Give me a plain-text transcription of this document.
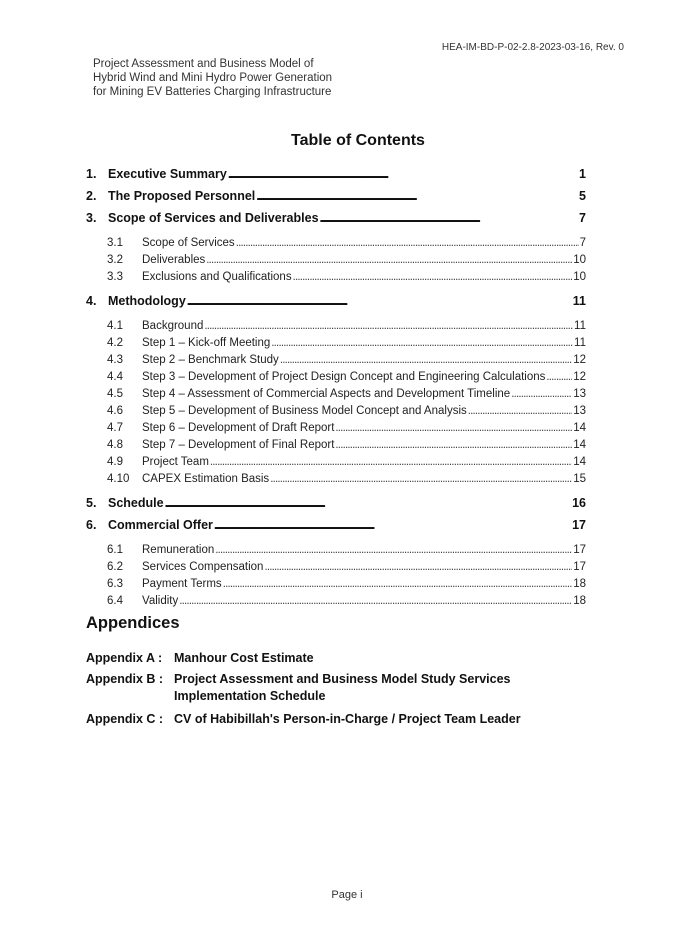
HEA-IM-BD-P-02-2.8-2023-03-16, Rev. 0
Project Assessment and Business Model of
Hybrid Wind and Mini Hydro Power Generation
for Mining EV Batteries Charging Infrastructure
Table of Contents
1. Executive Summary . . .	1
2. The Proposed Personnel . . .	5
3. Scope of Services and Deliverables . . .	7
3.1	Scope of Services . . .	7
3.2	Deliverables . . .	10
3.3	Exclusions and Qualifications . . .	10
4. Methodology . . .	11
4.1	Background . . .	11
4.2	Step 1 – Kick-off Meeting . . .	11
4.3	Step 2 – Benchmark Study . . .	12
4.4	Step 3 – Development of Project Design Concept and Engineering Calculations . . . 12
4.5	Step 4 – Assessment of Commercial Aspects and Development Timeline . . .	13
4.6	Step 5 – Development of Business Model Concept and Analysis . . .	13
4.7	Step 6 – Development of Draft Report . . .	14
4.8	Step 7 – Development of Final Report . . .	14
4.9	Project Team . . .	14
4.10	CAPEX Estimation Basis . . .	15
5. Schedule . . .	16
6. Commercial Offer . . .	17
6.1	Remuneration . . .	17
6.2	Services Compensation . . .	17
6.3	Payment Terms . . .	18
6.4	Validity . . .	18
Appendices
Appendix A : Manhour Cost Estimate
Appendix B : Project Assessment and Business Model Study Services Implementation Schedule
Appendix C : CV of Habibillah's Person-in-Charge / Project Team Leader
Page i
